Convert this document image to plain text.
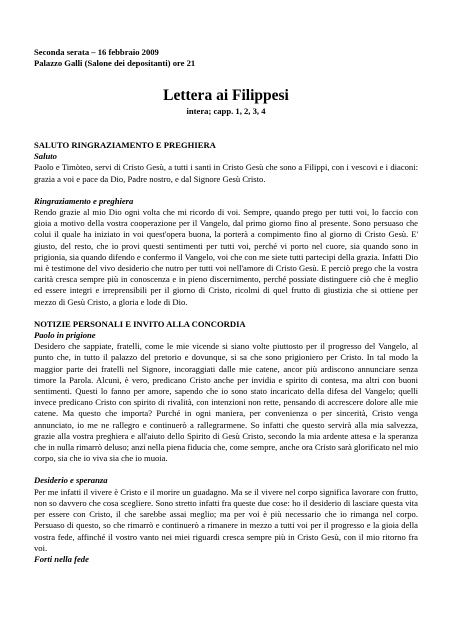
Seconda serata – 16 febbraio 2009
Palazzo Galli (Salone dei depositanti) ore 21
Lettera ai Filippesi
intera; capp. 1, 2, 3, 4

SALUTO RINGRAZIAMENTO E PREGHIERA

Saluto

Paolo e Timòteo, servi di Cristo Gesù, a tutti i santi in Cristo Gesù che sono a Filippi, con i vescovi e i diaconi: grazia a voi e pace da Dio, Padre nostro, e dal Signore Gesù Cristo.

Ringraziamento e preghiera

Rendo grazie al mio Dio ogni volta che mi ricordo di voi. Sempre, quando prego per tutti voi, lo faccio con gioia a motivo della vostra cooperazione per il Vangelo, dal primo giorno fino al presente. Sono persuaso che colui il quale ha iniziato in voi quest'opera buona, la porterà a compimento fino al giorno di Cristo Gesù. E' giusto, del resto, che io provi questi sentimenti per tutti voi, perché vi porto nel cuore, sia quando sono in prigionia, sia quando difendo e confermo il Vangelo, voi che con me siete tutti partecipi della grazia. Infatti Dio mi è testimone del vivo desiderio che nutro per tutti voi nell'amore di Cristo Gesù. E perciò prego che la vostra carità cresca sempre più in conoscenza e in pieno discernimento, perché possiate distinguere ciò che è meglio ed essere integri e irreprensibili per il giorno di Cristo, ricolmi di quel frutto di giustizia che si ottiene per mezzo di Gesù Cristo, a gloria e lode di Dio.

NOTIZIE PERSONALI E INVITO ALLA CONCORDIA

Paolo in prigione

Desidero che sappiate, fratelli, come le mie vicende si siano volte piuttosto per il progresso del Vangelo, al punto che, in tutto il palazzo del pretorio e dovunque, si sa che sono prigioniero per Cristo. In tal modo la maggior parte dei fratelli nel Signore, incoraggiati dalle mie catene, ancor più ardiscono annunciare senza timore la Parola. Alcuni, è vero, predicano Cristo anche per invidia e spirito di contesa, ma altri con buoni sentimenti. Questi lo fanno per amore, sapendo che io sono stato incaricato della difesa del Vangelo; quelli invece predicano Cristo con spirito di rivalità, con intenzioni non rette, pensando di accrescere dolore alle mie catene. Ma questo che importa? Purché in ogni maniera, per convenienza o per sincerità, Cristo venga annunciato, io me ne rallegro e continuerò a rallegrarmene. So infatti che questo servirà alla mia salvezza, grazie alla vostra preghiera e all'aiuto dello Spirito di Gesù Cristo, secondo la mia ardente attesa e la speranza che in nulla rimarrò deluso; anzi nella piena fiducia che, come sempre, anche ora Cristo sarà glorificato nel mio corpo, sia che io viva sia che io muoia.

Desiderio e speranza

Per me infatti il vivere è Cristo e il morire un guadagno. Ma se il vivere nel corpo significa lavorare con frutto, non so davvero che cosa scegliere. Sono stretto infatti fra queste due cose: ho il desiderio di lasciare questa vita per essere con Cristo, il che sarebbe assai meglio; ma per voi è più necessario che io rimanga nel corpo. Persuaso di questo, so che rimarrò e continuerò a rimanere in mezzo a tutti voi per il progresso e la gioia della vostra fede, affinché il vostro vanto nei miei riguardi cresca sempre più in Cristo Gesù, con il mio ritorno fra voi.

Forti nella fede
